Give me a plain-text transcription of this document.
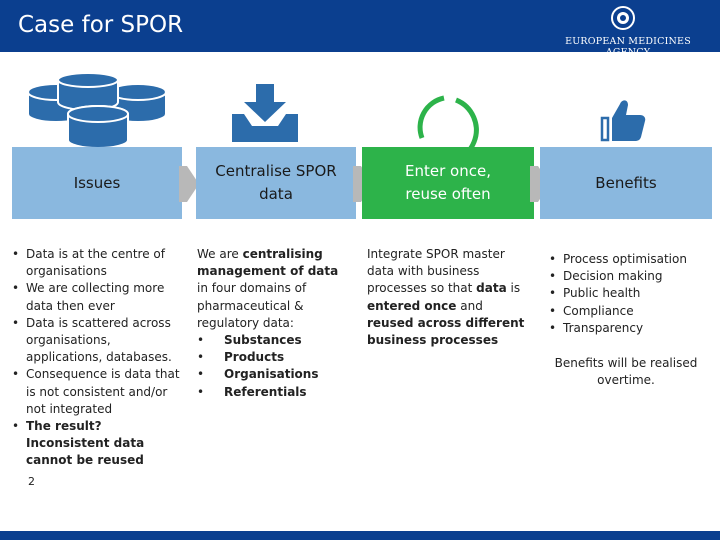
Case for SPOR
EUROPEAN MEDICINES AGENCY
Issues
Centralise SPOR data
Enter once, reuse often
Benefits
• Data is at the centre of organisations
• We are collecting more data then ever
• Data is scattered across organisations, applications, databases.
• Consequence is data that is not consistent and/or not integrated
• The result?
Inconsistent data cannot be reused
We are centralising management of data in four domains of pharmaceutical & regulatory data:
• Substances
• Products
• Organisations
• Referentials
Integrate SPOR master data with business processes so that data is entered once and reused across different business processes
• Process optimisation
• Decision making
• Public health
• Compliance
• Transparency
Benefits will be realised overtime.
2
